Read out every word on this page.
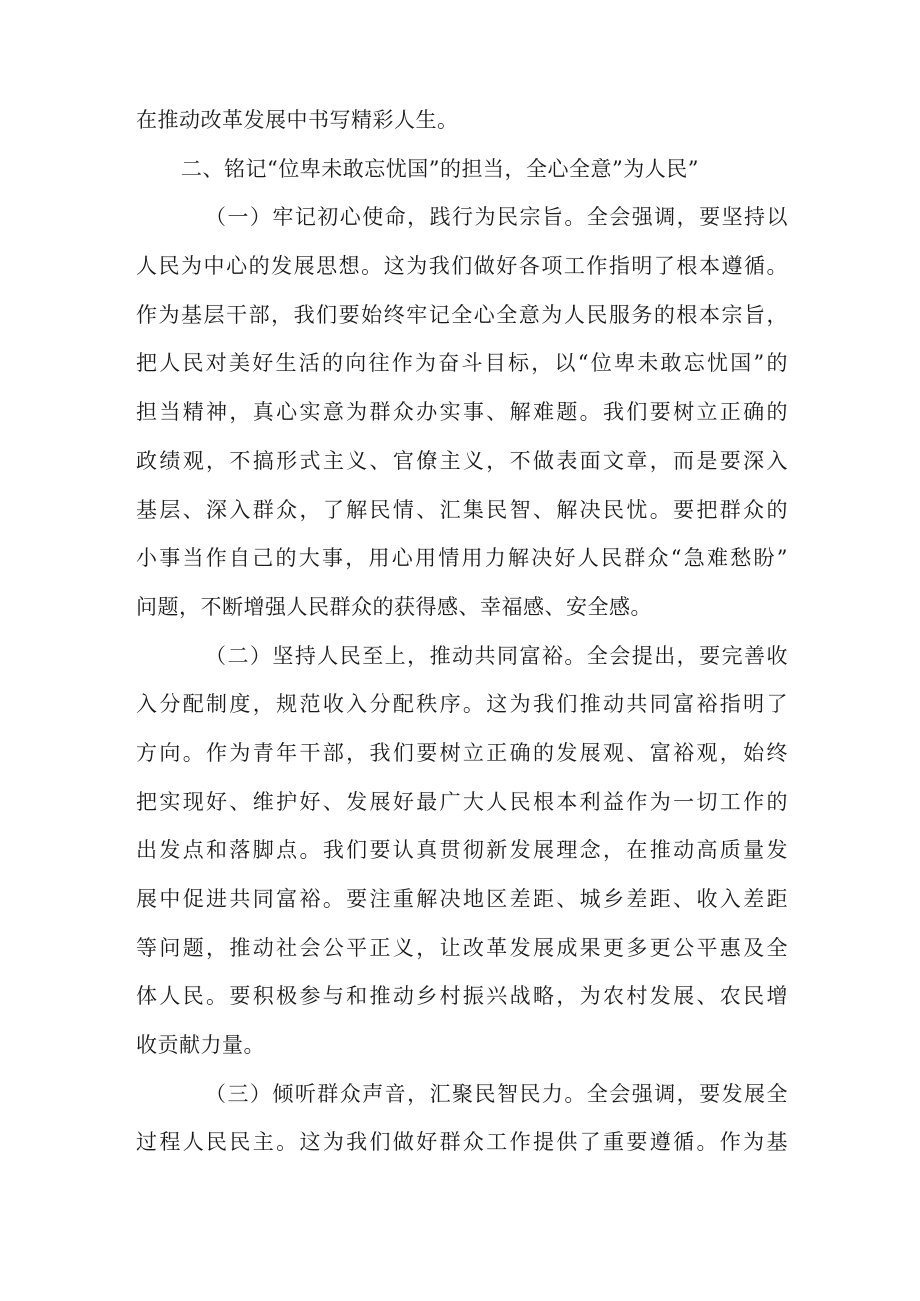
在推动改革发展中书写精彩人生。
二、铭记“位卑未敢忘忧国”的担当，全心全意”为人民”
（一）牢记初心使命，践行为民宗旨。全会强调，要坚持以
人民为中心的发展思想。这为我们做好各项工作指明了根本遵循。
作为基层干部，我们要始终牢记全心全意为人民服务的根本宗旨，
把人民对美好生活的向往作为奋斗目标，以“位卑未敢忘忧国”的
担当精神，真心实意为群众办实事、解难题。我们要树立正确的
政绩观，不搞形式主义、官僚主义，不做表面文章，而是要深入
基层、深入群众，了解民情、汇集民智、解决民忧。要把群众的
小事当作自己的大事，用心用情用力解决好人民群众“急难愁盼”
问题，不断增强人民群众的获得感、幸福感、安全感。
（二）坚持人民至上，推动共同富裕。全会提出，要完善收
入分配制度，规范收入分配秩序。这为我们推动共同富裕指明了
方向。作为青年干部，我们要树立正确的发展观、富裕观，始终
把实现好、维护好、发展好最广大人民根本利益作为一切工作的
出发点和落脚点。我们要认真贯彻新发展理念，在推动高质量发
展中促进共同富裕。要注重解决地区差距、城乡差距、收入差距
等问题，推动社会公平正义，让改革发展成果更多更公平惠及全
体人民。要积极参与和推动乡村振兴战略，为农村发展、农民增
收贡献力量。
（三）倾听群众声音，汇聚民智民力。全会强调，要发展全
过程人民民主。这为我们做好群众工作提供了重要遵循。作为基
